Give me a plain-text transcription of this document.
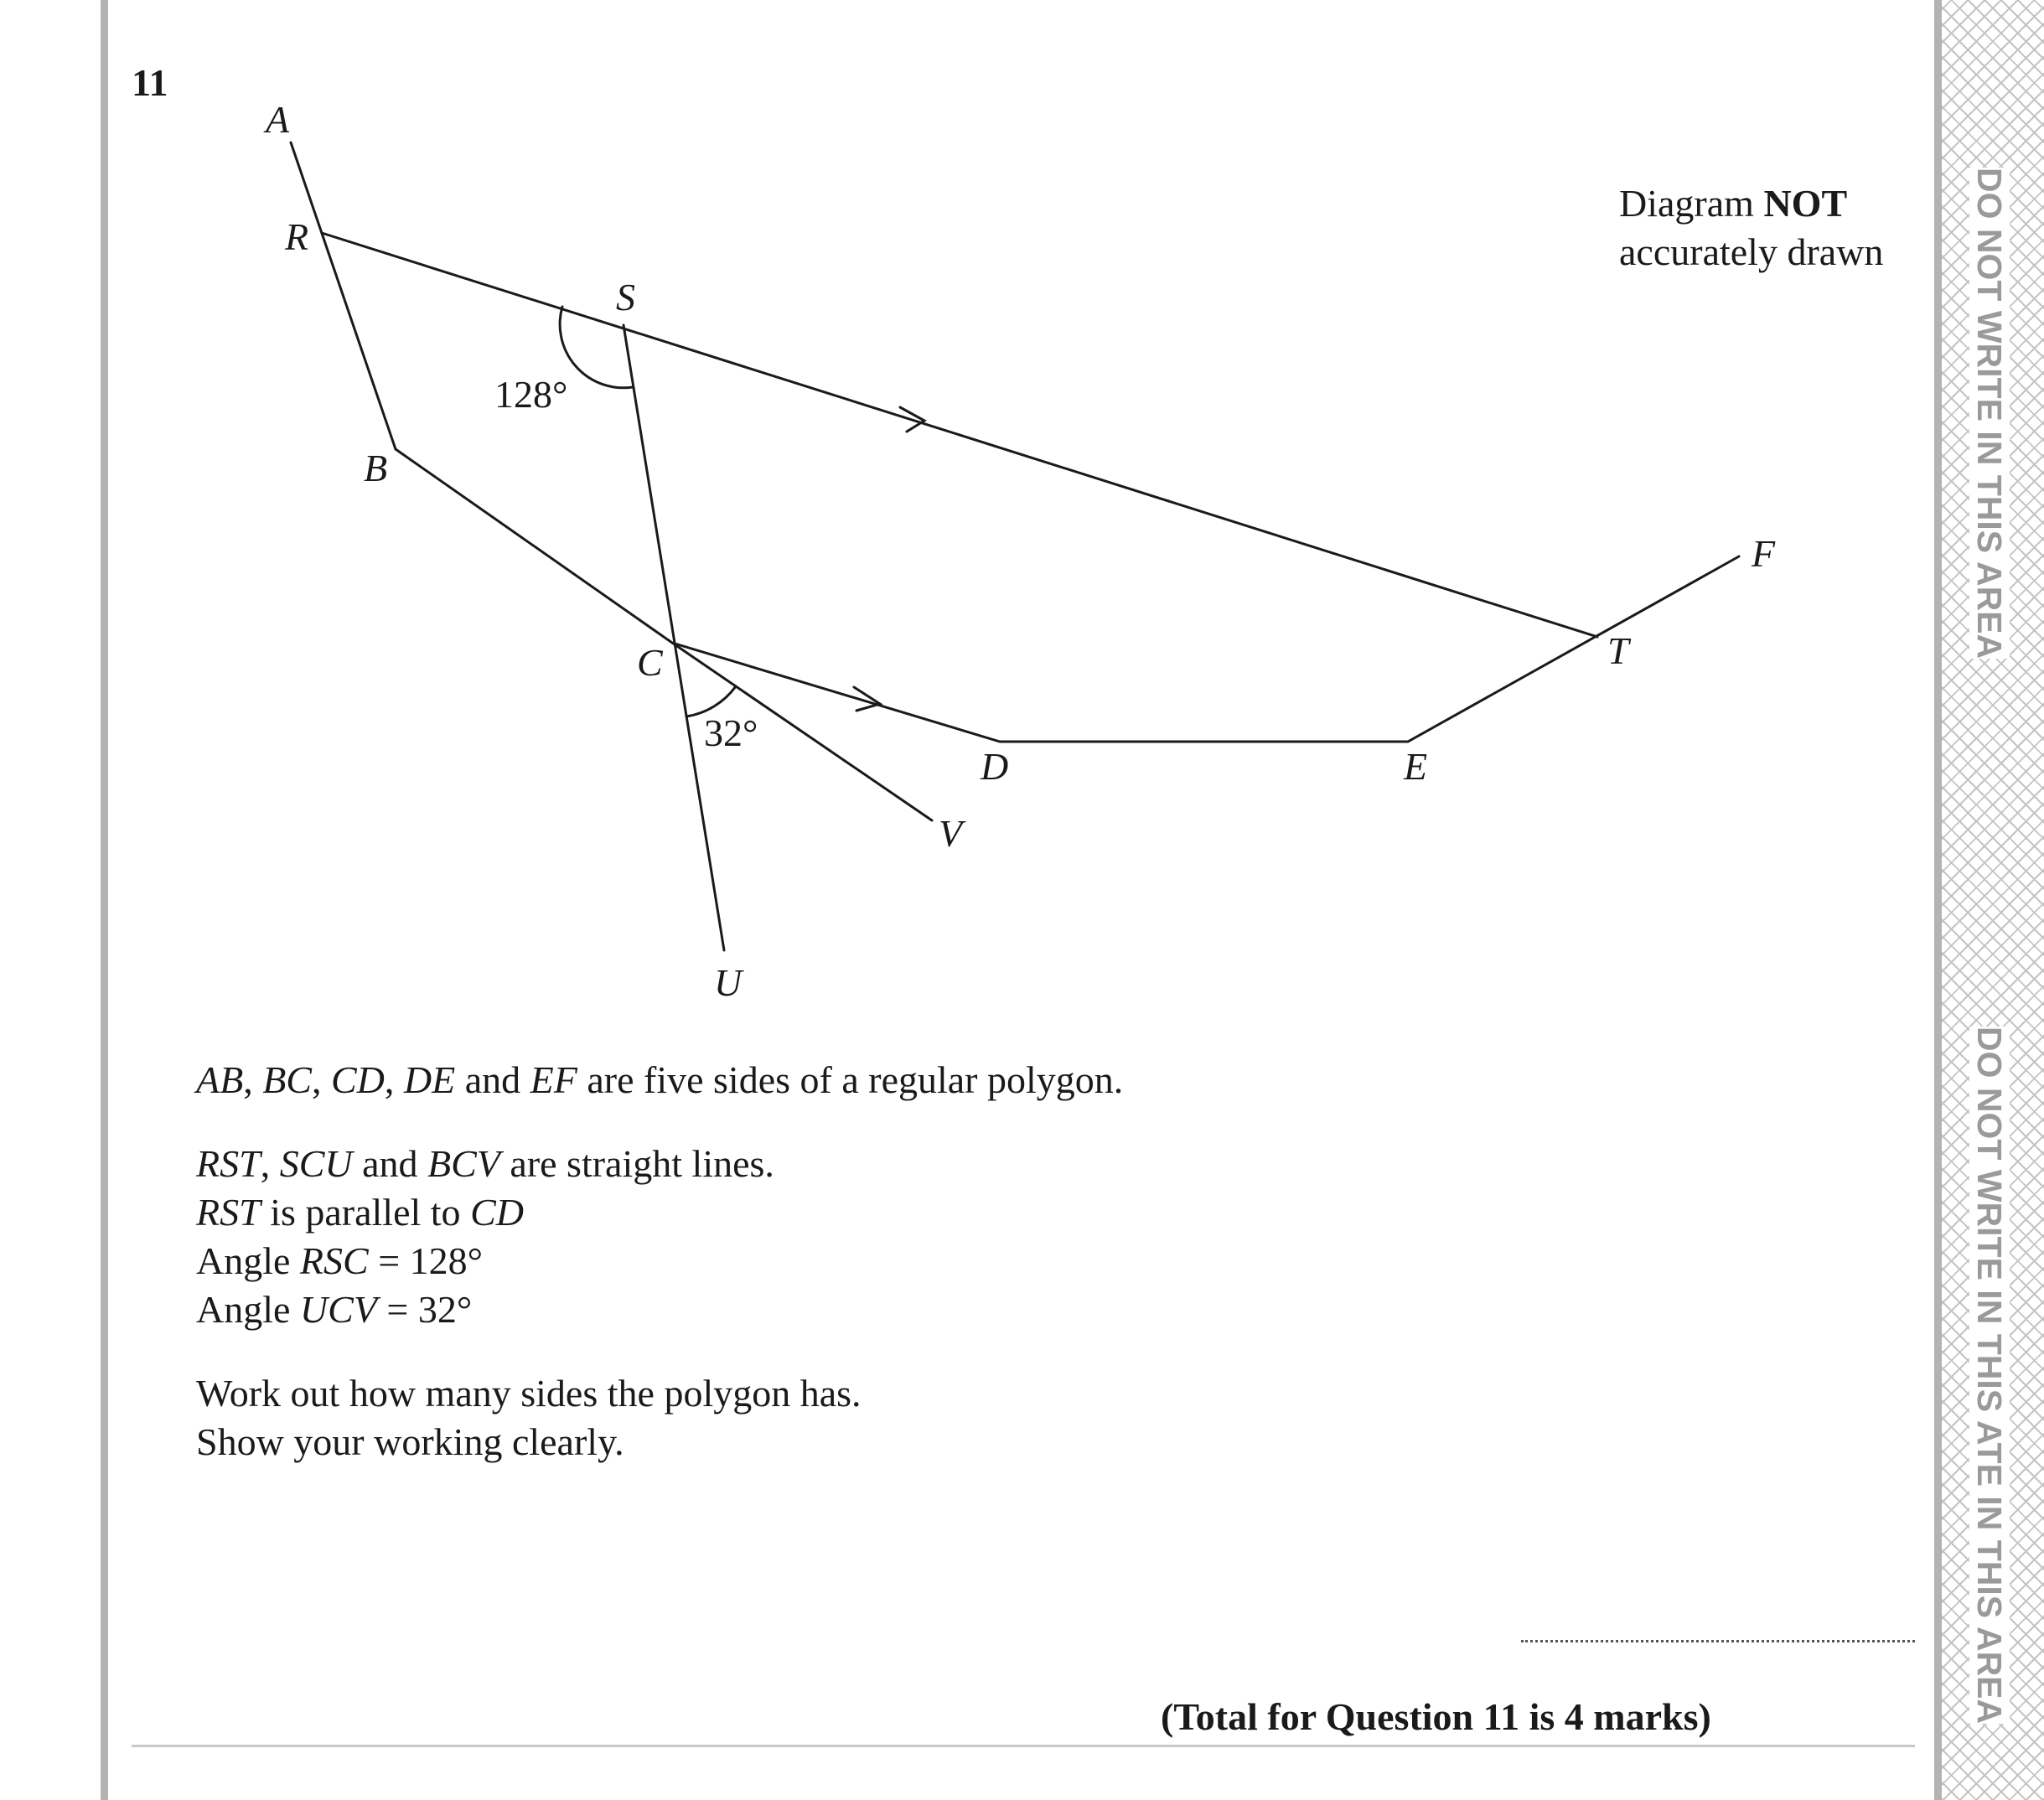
DO NOT WRITE IN THIS AREA
DO NOT WRITE IN THIS ATE IN THIS AREA
11
A
R
S
B
C
D	E
T
F
V
U
128°
32°
Diagram NOT
accurately drawn
AB, BC, CD, DE and EF are five sides of a regular polygon.
RST, SCU and BCV are straight lines.
RST is parallel to CD
Angle RSC = 128°
Angle UCV = 32°
Work out how many sides the polygon has.
Show your working clearly.
(Total for Question 11 is 4 marks)
